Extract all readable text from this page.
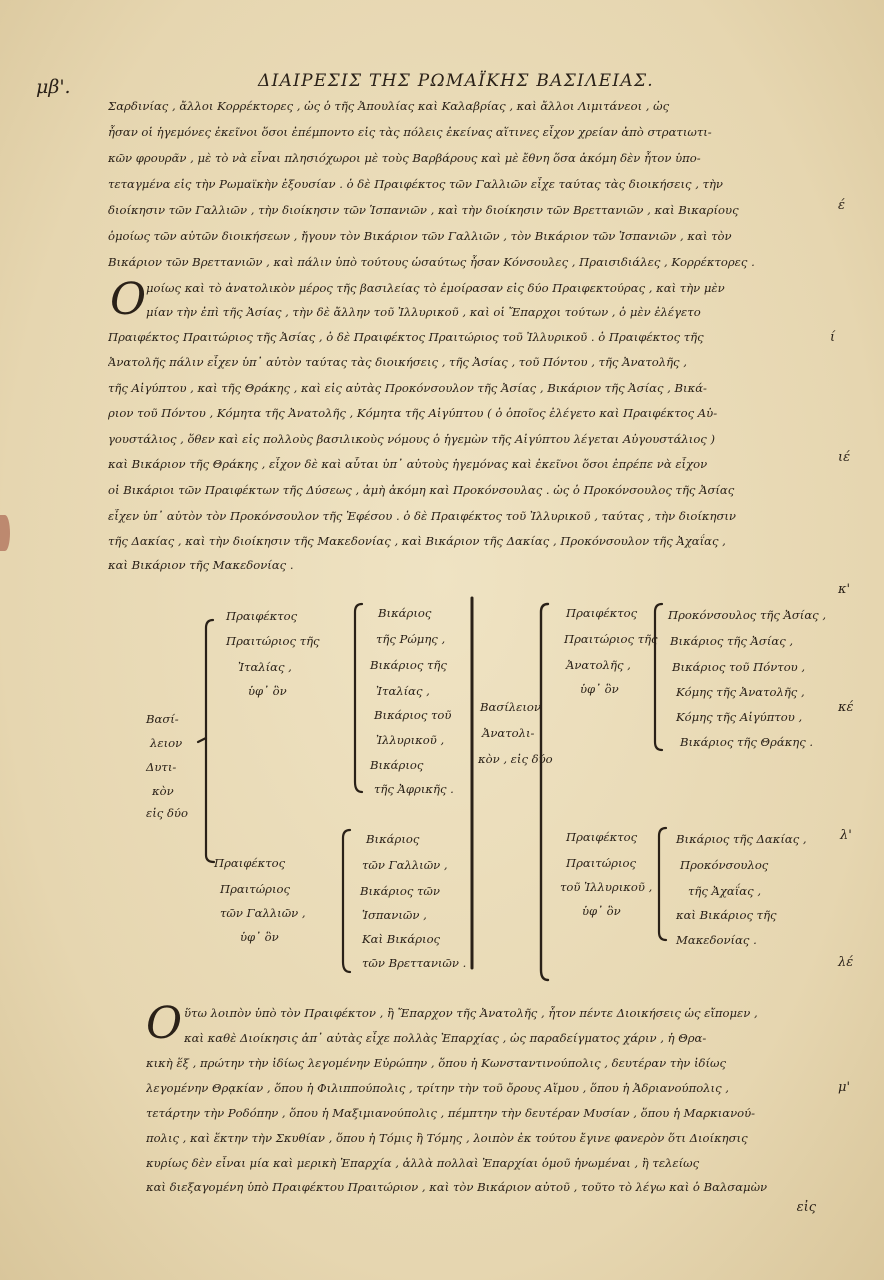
μβ'.	ΔΙΑΙΡΕΣΙΣ ΤΗΣ ΡΩΜΑΪΚΗΣ ΒΑΣΙΛΕΙΑΣ.
Σαρδινίας , ἄλλοι Κορρέκτορες , ὡς ὁ τῆς Ἀπουλίας καὶ Καλαβρίας , καὶ ἄλλοι Λιμιτάνεοι , ὡς
ἦσαν οἱ ἡγεμόνες ἐκεῖνοι ὅσοι ἐπέμποντο εἰς τὰς πόλεις ἐκείνας αἵτινες εἶχον χρείαν ἀπὸ στρατιωτι-
κῶν φρουρᾶν , μὲ τὸ νὰ εἶναι πλησιόχωροι μὲ τοὺς Βαρβάρους καὶ μὲ ἔθνη ὅσα ἀκόμη δὲν ἦτον ὑπο-
τεταγμένα εἰς τὴν Ρωμαϊκὴν ἐξουσίαν . ὁ δὲ Πραιφέκτος τῶν Γαλλιῶν εἶχε ταύτας τὰς διοικήσεις , τὴν
διοίκησιν τῶν Γαλλιῶν , τὴν διοίκησιν τῶν Ἱσπανιῶν , καὶ τὴν διοίκησιν τῶν Βρεττανιῶν , καὶ Βικαρίους
ὁμοίως τῶν αὐτῶν διοικήσεων , ἤγουν τὸν Βικάριον τῶν Γαλλιῶν , τὸν Βικάριον τῶν Ἱσπανιῶν , καὶ τὸν
Βικάριον τῶν Βρεττανιῶν , καὶ πάλιν ὑπὸ τούτους ὡσαύτως ἦσαν Κόνσουλες , Πραισιδιάλες , Κορρέκτορες .
Ο μοίως καὶ τὸ ἀνατολικὸν μέρος τῆς βασιλείας τὸ ἐμοίρασαν εἰς δύο Πραιφεκτούρας , καὶ τὴν μὲν
μίαν τὴν ἐπὶ τῆς Ἀσίας , τὴν δὲ ἄλλην τοῦ Ἰλλυρικοῦ , καὶ οἱ Ἔπαρχοι τούτων , ὁ μὲν ἐλέγετο
Πραιφέκτος Πραιτώριος τῆς Ἀσίας , ὁ δὲ Πραιφέκτος Πραιτώριος τοῦ Ἰλλυρικοῦ . ὁ Πραιφέκτος τῆς
Ἀνατολῆς πάλιν εἶχεν ὑπ᾽ αὐτὸν ταύτας τὰς διοικήσεις , τῆς Ἀσίας , τοῦ Πόντου , τῆς Ἀνατολῆς ,
τῆς Αἰγύπτου , καὶ τῆς Θράκης , καὶ εἰς αὐτὰς Προκόνσουλον τῆς Ἀσίας , Βικάριον τῆς Ἀσίας , Βικά-
ριον τοῦ Πόντου , Κόμητα τῆς Ἀνατολῆς , Κόμητα τῆς Αἰγύπτου ( ὁ ὁποῖος ἐλέγετο καὶ Πραιφέκτος Αὐ-
γουστάλιος , ὅθεν καὶ εἰς πολλοὺς βασιλικοὺς νόμους ὁ ἡγεμὼν τῆς Αἰγύπτου λέγεται Αὐγουστάλιος )
καὶ Βικάριον τῆς Θράκης , εἶχον δὲ καὶ αὗται ὑπ᾽ αὐτοὺς ἡγεμόνας καὶ ἐκεῖνοι ὅσοι ἐπρέπε νὰ εἶχον
οἱ Βικάριοι τῶν Πραιφέκτων τῆς Δύσεως , ἀμὴ ἀκόμη καὶ Προκόνσουλας . ὡς ὁ Προκόνσουλος τῆς Ἀσίας
εἶχεν ὑπ᾽ αὐτὸν τὸν Προκόνσουλον τῆς Ἐφέσου . ὁ δὲ Πραιφέκτος τοῦ Ἰλλυρικοῦ , ταύτας , τὴν διοίκησιν
τῆς Δακίας , καὶ τὴν διοίκησιν τῆς Μακεδονίας , καὶ Βικάριον τῆς Δακίας , Προκόνσουλον τῆς Ἀχαΐας ,
καὶ Βικάριον τῆς Μακεδονίας .
έ
ί
ιέ
κ'
κέ
λ'
λέ
μ'
Βασί-
λειον
Δυτι-
κὸν
εἰς δύο
Πραιφέκτος
Πραιτώριος τῆς
Ἰταλίας ,
ὑφ᾽ ὃν
Βικάριος
τῆς Ρώμης ,
Βικάριος τῆς
Ἰταλίας ,
Βικάριος τοῦ
Ἰλλυρικοῦ ,
Βικάριος
τῆς Ἀφρικῆς .
Πραιφέκτος
Πραιτώριος
τῶν Γαλλιῶν ,
ὑφ᾽ ὃν
Βικάριος
τῶν Γαλλιῶν ,
Βικάριος τῶν
Ἱσπανιῶν ,
Καὶ Βικάριος
τῶν Βρεττανιῶν .
Βασίλειον
Ἀνατολι-
κὸν , εἰς δύο
Πραιφέκτος
Πραιτώριος τῆς
Ἀνατολῆς ,
ὑφ᾽ ὃν
Προκόνσουλος τῆς Ἀσίας ,
Βικάριος τῆς Ἀσίας ,
Βικάριος τοῦ Πόντου ,
Κόμης τῆς Ἀνατολῆς ,
Κόμης τῆς Αἰγύπτου ,
Βικάριος τῆς Θράκης .
Πραιφέκτος
Πραιτώριος
τοῦ Ἰλλυρικοῦ ,
ὑφ᾽ ὃν
Βικάριος τῆς Δακίας ,
Προκόνσουλος
τῆς Ἀχαΐας ,
καὶ Βικάριος τῆς
Μακεδονίας .
Ο ὕτω λοιπὸν ὑπὸ τὸν Πραιφέκτον , ἢ Ἔπαρχον τῆς Ἀνατολῆς , ἦτον πέντε Διοικήσεις ὡς εἴπομεν ,
καὶ καθὲ Διοίκησις ἀπ᾽ αὐτὰς εἶχε πολλὰς Ἐπαρχίας , ὡς παραδείγματος χάριν , ἡ Θρα-
κικὴ ἕξ , πρώτην τὴν ἰδίως λεγομένην Εὐρώπην , ὅπου ἡ Κωνσταντινούπολις , δευτέραν τὴν ἰδίως
λεγομένην Θρᾳκίαν , ὅπου ἡ Φιλιππούπολις , τρίτην τὴν τοῦ ὄρους Αἵμου , ὅπου ἡ Ἀδριανούπολις ,
τετάρτην τὴν Ροδόπην , ὅπου ἡ Μαξιμιανούπολις , πέμπτην τὴν δευτέραν Μυσίαν , ὅπου ἡ Μαρκιανού-
πολις , καὶ ἕκτην τὴν Σκυθίαν , ὅπου ἡ Τόμις ἢ Τόμης , λοιπὸν ἐκ τούτου ἔγινε φανερὸν ὅτι Διοίκησις
κυρίως δὲν εἶναι μία καὶ μερικὴ Ἐπαρχία , ἀλλὰ πολλαὶ Ἐπαρχίαι ὁμοῦ ἡνωμέναι , ἢ τελείως
καὶ διεξαγομένη ὑπὸ Πραιφέκτου Πραιτώριον , καὶ τὸν Βικάριον αὐτοῦ , τοῦτο τὸ λέγω καὶ ὁ Βαλσαμὼν
εἰς
